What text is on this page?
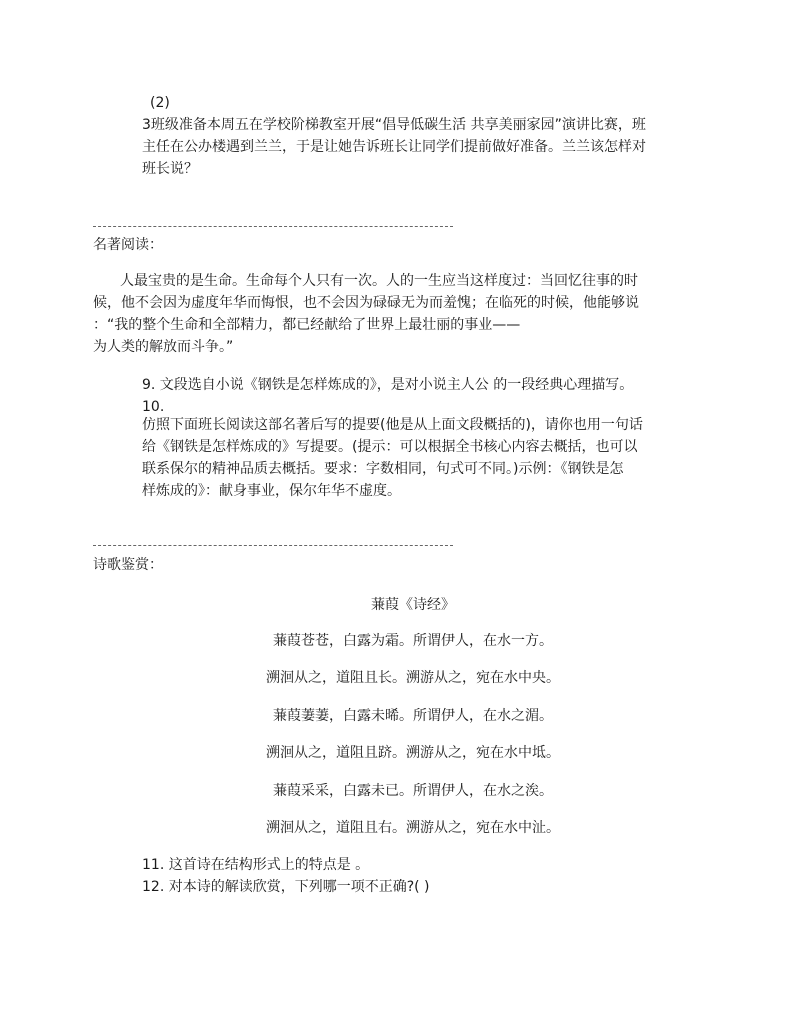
(2)
3班级准备本周五在学校阶梯教室开展“倡导低碳生活 共享美丽家园”演讲比赛，班
主任在公办楼遇到兰兰，于是让她告诉班长让同学们提前做好准备。兰兰该怎样对
班长说？
名著阅读：
人最宝贵的是生命。生命每个人只有一次。人的一生应当这样度过：当回忆往事的时
候，他不会因为虚度年华而悔恨，也不会因为碌碌无为而羞愧；在临死的时候，他能够说
：“我的整个生命和全部精力，都已经献给了世界上最壮丽的事业——
为人类的解放而斗争。”
9. 文段选自小说《钢铁是怎样炼成的》，是对小说主人公 的一段经典心理描写。
10.
仿照下面班长阅读这部名著后写的提要(他是从上面文段概括的)，请你也用一句话
给《钢铁是怎样炼成的》写提要。(提示：可以根据全书核心内容去概括，也可以
联系保尔的精神品质去概括。要求：字数相同，句式可不同。)示例：《钢铁是怎
样炼成的》：献身事业，保尔年华不虚度。
诗歌鉴赏：
蒹葭《诗经》
蒹葭苍苍，白露为霜。所谓伊人，在水一方。
溯洄从之，道阻且长。溯游从之，宛在水中央。
蒹葭萋萋，白露未晞。所谓伊人，在水之湄。
溯洄从之，道阻且跻。溯游从之，宛在水中坻。
蒹葭采采，白露未已。所谓伊人，在水之涘。
溯洄从之，道阻且右。溯游从之，宛在水中沚。
11. 这首诗在结构形式上的特点是 。
12. 对本诗的解读欣赏，下列哪一项不正确?( )
